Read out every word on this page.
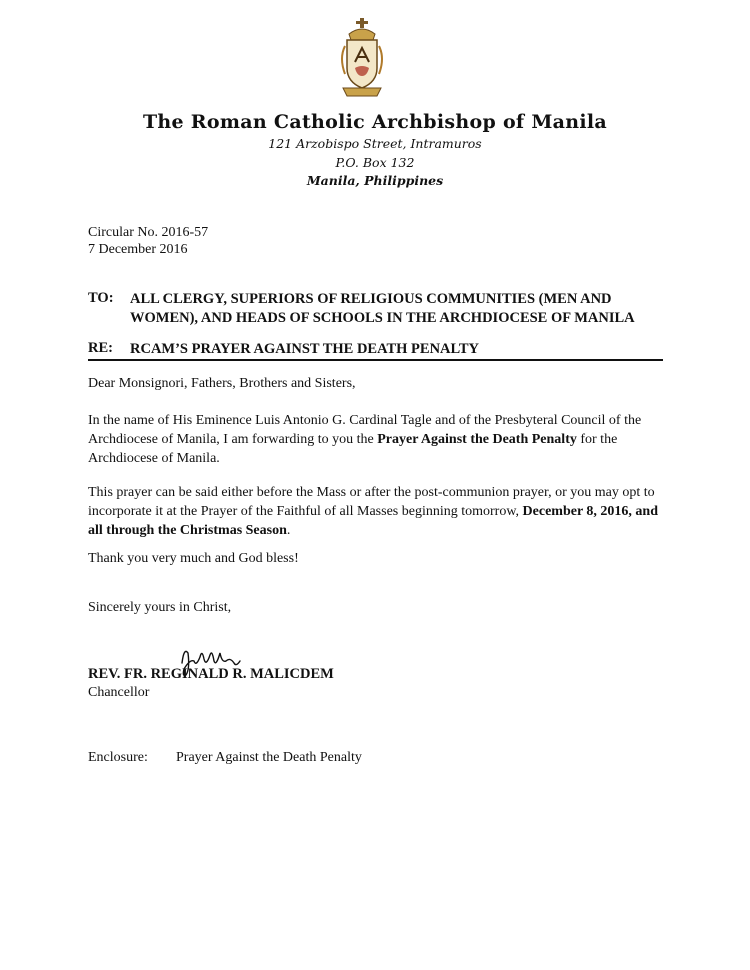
The Roman Catholic Archbishop of Manila
121 Arzobispo Street, Intramuros
P.O. Box 132
Manila, Philippines
Circular No. 2016-57
7 December 2016
TO: ALL CLERGY, SUPERIORS OF RELIGIOUS COMMUNITIES (MEN AND WOMEN), AND HEADS OF SCHOOLS IN THE ARCHDIOCESE OF MANILA
RE: RCAM’S PRAYER AGAINST THE DEATH PENALTY
Dear Monsignori, Fathers, Brothers and Sisters,
In the name of His Eminence Luis Antonio G. Cardinal Tagle and of the Presbyteral Council of the Archdiocese of Manila, I am forwarding to you the Prayer Against the Death Penalty for the Archdiocese of Manila.
This prayer can be said either before the Mass or after the post-communion prayer, or you may opt to incorporate it at the Prayer of the Faithful of all Masses beginning tomorrow, December 8, 2016, and all through the Christmas Season.
Thank you very much and God bless!
Sincerely yours in Christ,
REV. FR. REGINALD R. MALICDEM
Chancellor
Enclosure: Prayer Against the Death Penalty
